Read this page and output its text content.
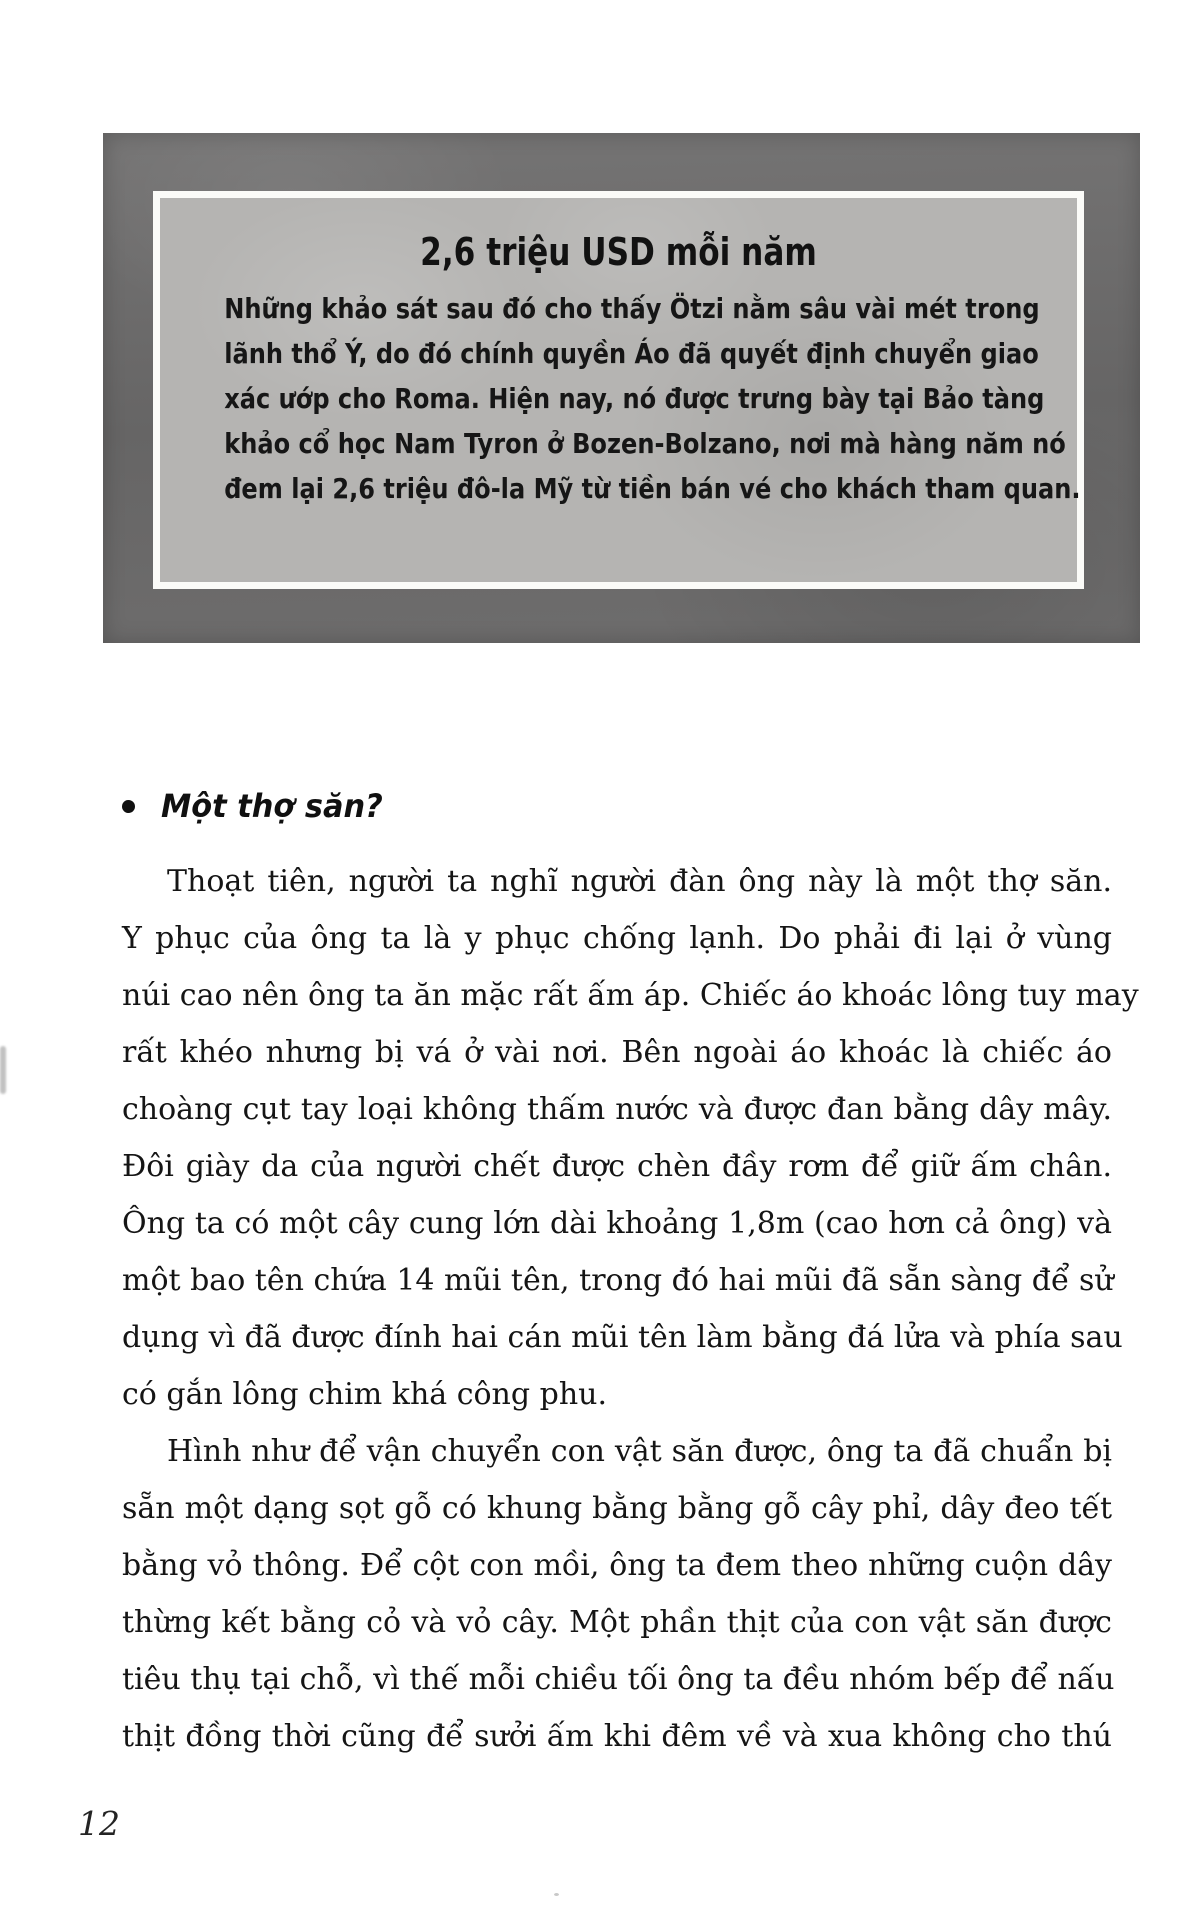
2,6 triệu USD mỗi năm
Những khảo sát sau đó cho thấy Ötzi nằm sâu vài mét trong
lãnh thổ Ý, do đó chính quyền Áo đã quyết định chuyển giao
xác ướp cho Roma. Hiện nay, nó được trưng bày tại Bảo tàng
khảo cổ học Nam Tyron ở Bozen-Bolzano, nơi mà hàng năm nó
đem lại 2,6 triệu đô-la Mỹ từ tiền bán vé cho khách tham quan.
Một thợ săn?
Thoạt tiên, người ta nghĩ người đàn ông này là một thợ săn.
Y phục của ông ta là y phục chống lạnh. Do phải đi lại ở vùng
núi cao nên ông ta ăn mặc rất ấm áp. Chiếc áo khoác lông tuy may
rất khéo nhưng bị vá ở vài nơi. Bên ngoài áo khoác là chiếc áo
choàng cụt tay loại không thấm nước và được đan bằng dây mây.
Đôi giày da của người chết được chèn đầy rơm để giữ ấm chân.
Ông ta có một cây cung lớn dài khoảng 1,8m (cao hơn cả ông) và
một bao tên chứa 14 mũi tên, trong đó hai mũi đã sẵn sàng để sử
dụng vì đã được đính hai cán mũi tên làm bằng đá lửa và phía sau
có gắn lông chim khá công phu.
Hình như để vận chuyển con vật săn được, ông ta đã chuẩn bị
sẵn một dạng sọt gỗ có khung bằng bằng gỗ cây phỉ, dây đeo tết
bằng vỏ thông. Để cột con mồi, ông ta đem theo những cuộn dây
thừng kết bằng cỏ và vỏ cây. Một phần thịt của con vật săn được
tiêu thụ tại chỗ, vì thế mỗi chiều tối ông ta đều nhóm bếp để nấu
thịt đồng thời cũng để sưởi ấm khi đêm về và xua không cho thú
12
